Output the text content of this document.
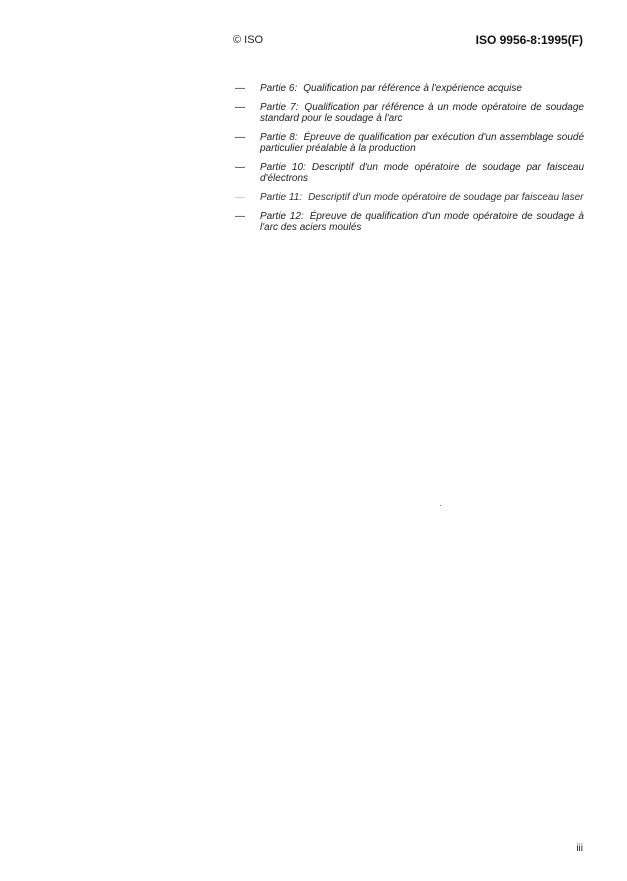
© ISO	ISO 9956-8:1995(F)
— Partie 6: Qualification par référence à l'expérience acquise
— Partie 7: Qualification par référence à un mode opératoire de soudage standard pour le soudage à l'arc
— Partie 8: Épreuve de qualification par exécution d'un assemblage soudé particulier préalable à la production
— Partie 10: Descriptif d'un mode opératoire de soudage par faisceau d'électrons
— Partie 11: Descriptif d'un mode opératoire de soudage par faisceau laser
— Partie 12: Épreuve de qualification d'un mode opératoire de soudage à l'arc des aciers moulés
iii
